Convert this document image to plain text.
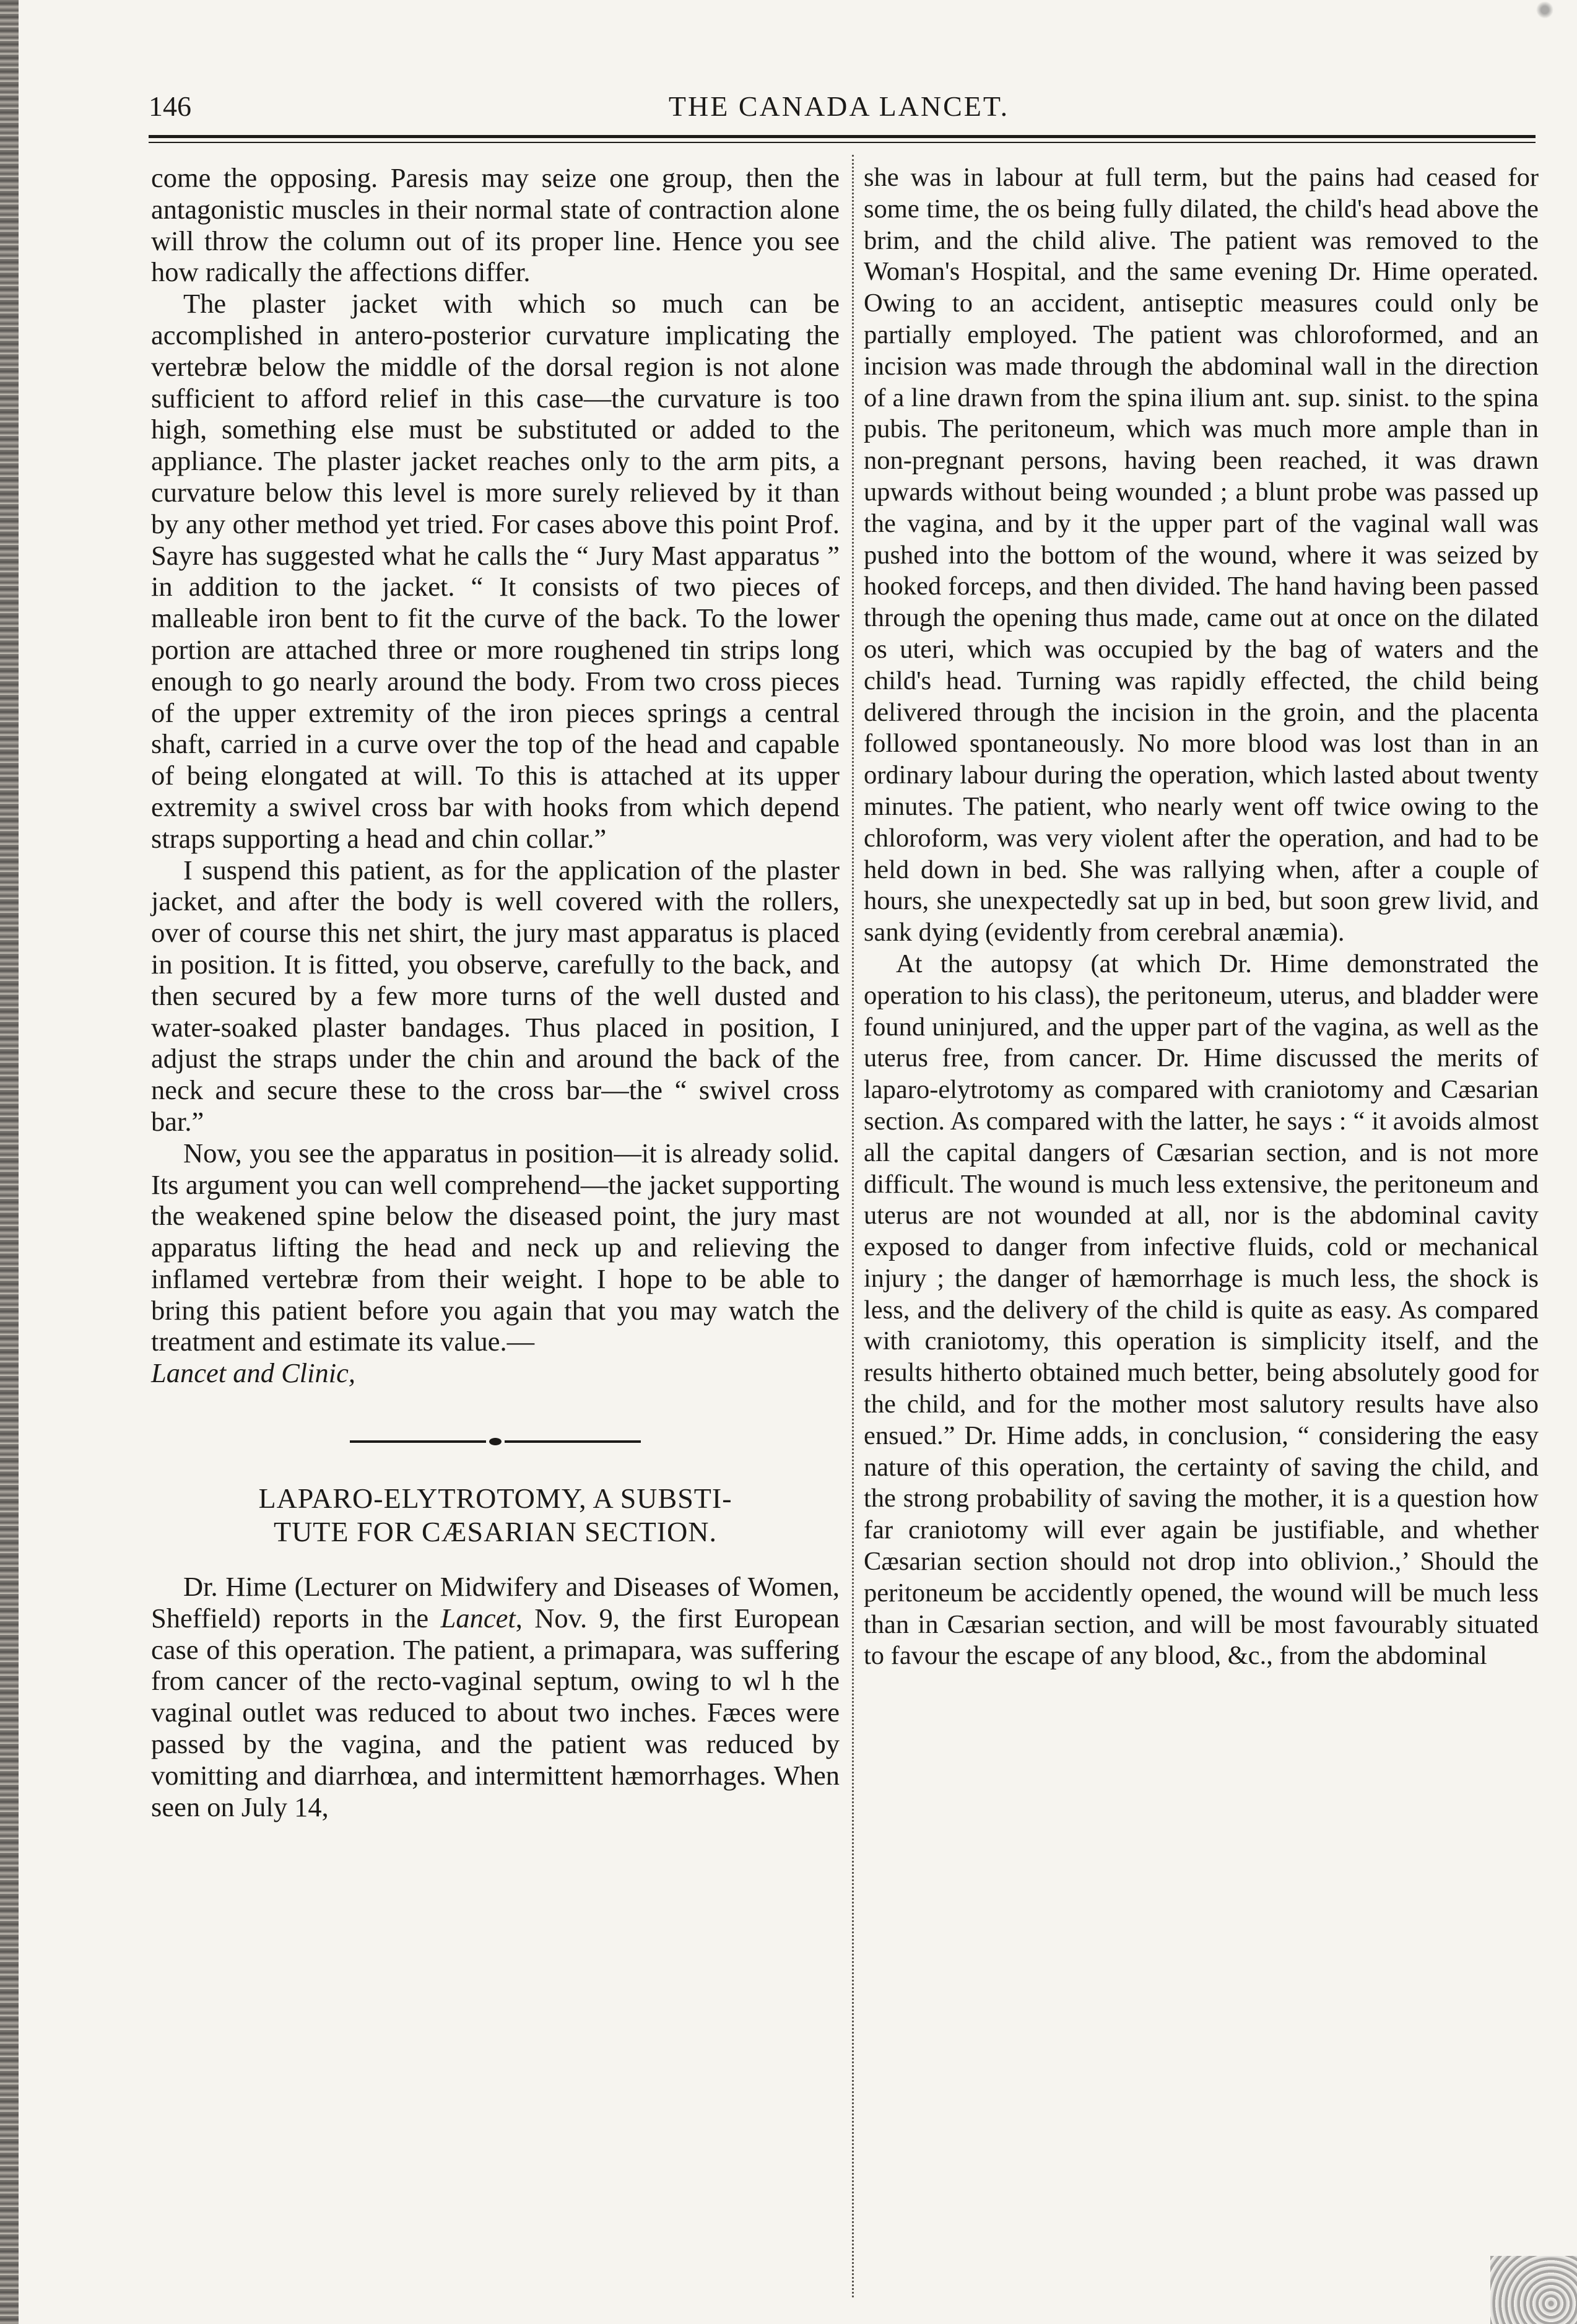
146	THE CANADA LANCET.

come the opposing. Paresis may seize one group, then the antagonistic muscles in their normal state of contraction alone will throw the column out of its proper line. Hence you see how radically the affections differ.

The plaster jacket with which so much can be accomplished in antero-posterior curvature implicating the vertebræ below the middle of the dorsal region is not alone sufficient to afford relief in this case—the curvature is too high, something else must be substituted or added to the appliance. The plaster jacket reaches only to the arm pits, a curvature below this level is more surely relieved by it than by any other method yet tried. For cases above this point Prof. Sayre has suggested what he calls the “ Jury Mast apparatus ” in addition to the jacket. “ It consists of two pieces of malleable iron bent to fit the curve of the back. To the lower portion are attached three or more roughened tin strips long enough to go nearly around the body. From two cross pieces of the upper extremity of the iron pieces springs a central shaft, carried in a curve over the top of the head and capable of being elongated at will. To this is attached at its upper extremity a swivel cross bar with hooks from which depend straps supporting a head and chin collar.”

I suspend this patient, as for the application of the plaster jacket, and after the body is well covered with the rollers, over of course this net shirt, the jury mast apparatus is placed in position. It is fitted, you observe, carefully to the back, and then secured by a few more turns of the well dusted and water-soaked plaster bandages. Thus placed in position, I adjust the straps under the chin and around the back of the neck and secure these to the cross bar—the “ swivel cross bar.”

Now, you see the apparatus in position—it is already solid. Its argument you can well comprehend—the jacket supporting the weakened spine below the diseased point, the jury mast apparatus lifting the head and neck up and relieving the inflamed vertebræ from their weight. I hope to be able to bring this patient before you again that you may watch the treatment and estimate its value.—
Lancet and Clinic,

LAPARO-ELYTROTOMY, A SUBSTI-
TUTE FOR CÆSARIAN SECTION.

Dr. Hime (Lecturer on Midwifery and Diseases of Women, Sheffield) reports in the Lancet, Nov. 9, the first European case of this operation. The patient, a primapara, was suffering from cancer of the recto-vaginal septum, owing to wl h the vaginal outlet was reduced to about two inches. Fæces were passed by the vagina, and the patient was reduced by vomitting and diarrhœa, and intermittent hæmorrhages. When seen on July 14,

she was in labour at full term, but the pains had ceased for some time, the os being fully dilated, the child's head above the brim, and the child alive. The patient was removed to the Woman's Hospital, and the same evening Dr. Hime operated. Owing to an accident, antiseptic measures could only be partially employed. The patient was chloroformed, and an incision was made through the abdominal wall in the direction of a line drawn from the spina ilium ant. sup. sinist. to the spina pubis. The peritoneum, which was much more ample than in non-pregnant persons, having been reached, it was drawn upwards without being wounded ; a blunt probe was passed up the vagina, and by it the upper part of the vaginal wall was pushed into the bottom of the wound, where it was seized by hooked forceps, and then divided. The hand having been passed through the opening thus made, came out at once on the dilated os uteri, which was occupied by the bag of waters and the child's head. Turning was rapidly effected, the child being delivered through the incision in the groin, and the placenta followed spontaneously. No more blood was lost than in an ordinary labour during the operation, which lasted about twenty minutes. The patient, who nearly went off twice owing to the chloroform, was very violent after the operation, and had to be held down in bed. She was rallying when, after a couple of hours, she unexpectedly sat up in bed, but soon grew livid, and sank dying (evidently from cerebral anæmia).

At the autopsy (at which Dr. Hime demonstrated the operation to his class), the peritoneum, uterus, and bladder were found uninjured, and the upper part of the vagina, as well as the uterus free, from cancer. Dr. Hime discussed the merits of laparo-elytrotomy as compared with craniotomy and Cæsarian section. As compared with the latter, he says : “ it avoids almost all the capital dangers of Cæsarian section, and is not more difficult. The wound is much less extensive, the peritoneum and uterus are not wounded at all, nor is the abdominal cavity exposed to danger from infective fluids, cold or mechanical injury ; the danger of hæmorrhage is much less, the shock is less, and the delivery of the child is quite as easy. As compared with craniotomy, this operation is simplicity itself, and the results hitherto obtained much better, being absolutely good for the child, and for the mother most salutory results have also ensued.” Dr. Hime adds, in conclusion, “ considering the easy nature of this operation, the certainty of saving the child, and the strong probability of saving the mother, it is a question how far craniotomy will ever again be justifiable, and whether Cæsarian section should not drop into oblivion.,’ Should the peritoneum be accidently opened, the wound will be much less than in Cæsarian section, and will be most favourably situated to favour the escape of any blood, &c., from the abdominal
